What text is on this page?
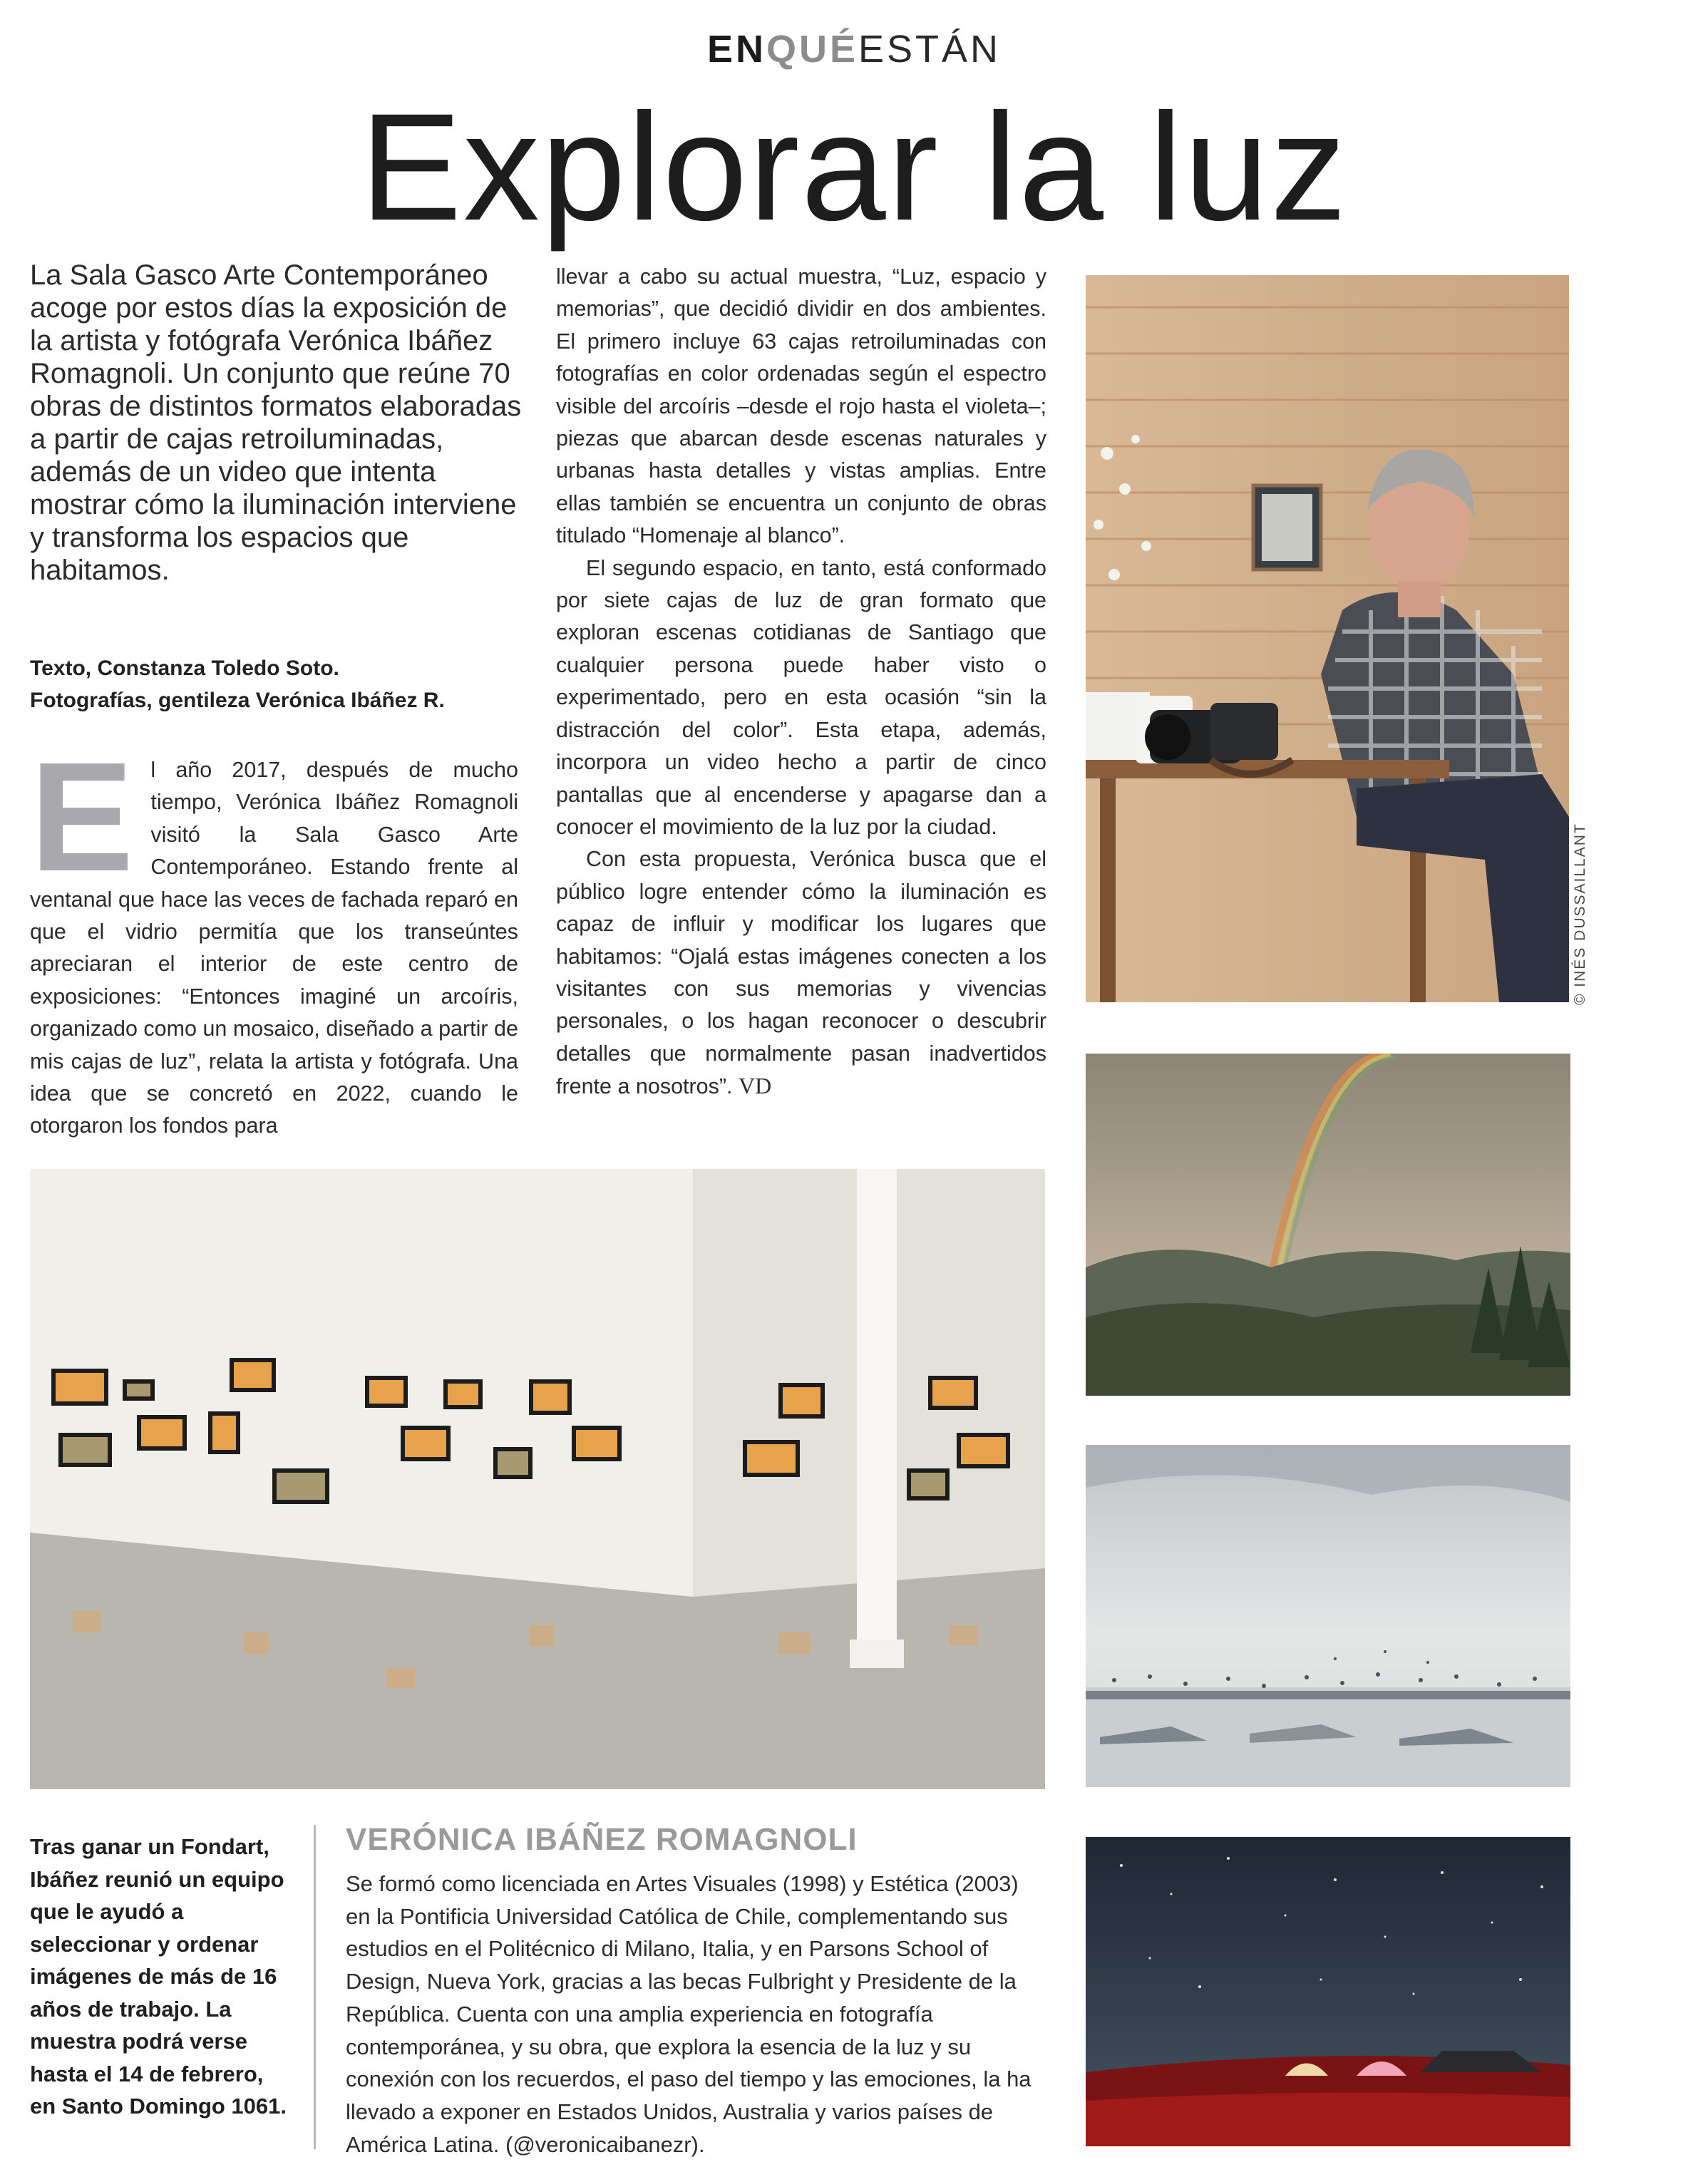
ENQUÉESTÁN
Explorar la luz
La Sala Gasco Arte Contemporáneo acoge por estos días la exposición de la artista y fotógrafa Verónica Ibáñez Romagnoli. Un conjunto que reúne 70 obras de distintos formatos elaboradas a partir de cajas retroiluminadas, además de un video que intenta mostrar cómo la iluminación interviene y transforma los espacios que habitamos.
Texto, Constanza Toledo Soto.
Fotografías, gentileza Verónica Ibáñez R.

El año 2017, después de mucho tiempo, Verónica Ibáñez Romagnoli visitó la Sala Gasco Arte Contemporáneo. Estando frente al ventanal que hace las veces de fachada reparó en que el vidrio permitía que los transeúntes apreciaran el interior de este centro de exposiciones: “Entonces imaginé un arcoíris, organizado como un mosaico, diseñado a partir de mis cajas de luz”, relata la artista y fotógrafa. Una idea que se concretó en 2022, cuando le otorgaron los fondos para

llevar a cabo su actual muestra, “Luz, espacio y memorias”, que decidió dividir en dos ambientes. El primero incluye 63 cajas retroiluminadas con fotografías en color ordenadas según el espectro visible del arcoíris –desde el rojo hasta el violeta–; piezas que abarcan desde escenas naturales y urbanas hasta detalles y vistas amplias. Entre ellas también se encuentra un conjunto de obras titulado “Homenaje al blanco”.

El segundo espacio, en tanto, está conformado por siete cajas de luz de gran formato que exploran escenas cotidianas de Santiago que cualquier persona puede haber visto o experimentado, pero en esta ocasión “sin la distracción del color”. Esta etapa, además, incorpora un video hecho a partir de cinco pantallas que al encenderse y apagarse dan a conocer el movimiento de la luz por la ciudad.

Con esta propuesta, Verónica busca que el público logre entender cómo la iluminación es capaz de influir y modificar los lugares que habitamos: “Ojalá estas imágenes conecten a los visitantes con sus memorias y vivencias personales, o los hagan reconocer o descubrir detalles que normalmente pasan inadvertidos frente a nosotros”. VD

© INÉS DUSSAILLANT
Tras ganar un Fondart, Ibáñez reunió un equipo que le ayudó a seleccionar y ordenar imágenes de más de 16 años de trabajo. La muestra podrá verse hasta el 14 de febrero, en Santo Domingo 1061.
VERÓNICA IBÁÑEZ ROMAGNOLI
Se formó como licenciada en Artes Visuales (1998) y Estética (2003) en la Pontificia Universidad Católica de Chile, complementando sus estudios en el Politécnico di Milano, Italia, y en Parsons School of Design, Nueva York, gracias a las becas Fulbright y Presidente de la República. Cuenta con una amplia experiencia en fotografía contemporánea, y su obra, que explora la esencia de la luz y su conexión con los recuerdos, el paso del tiempo y las emociones, la ha llevado a exponer en Estados Unidos, Australia y varios países de América Latina. (@veronicaibanezr).
